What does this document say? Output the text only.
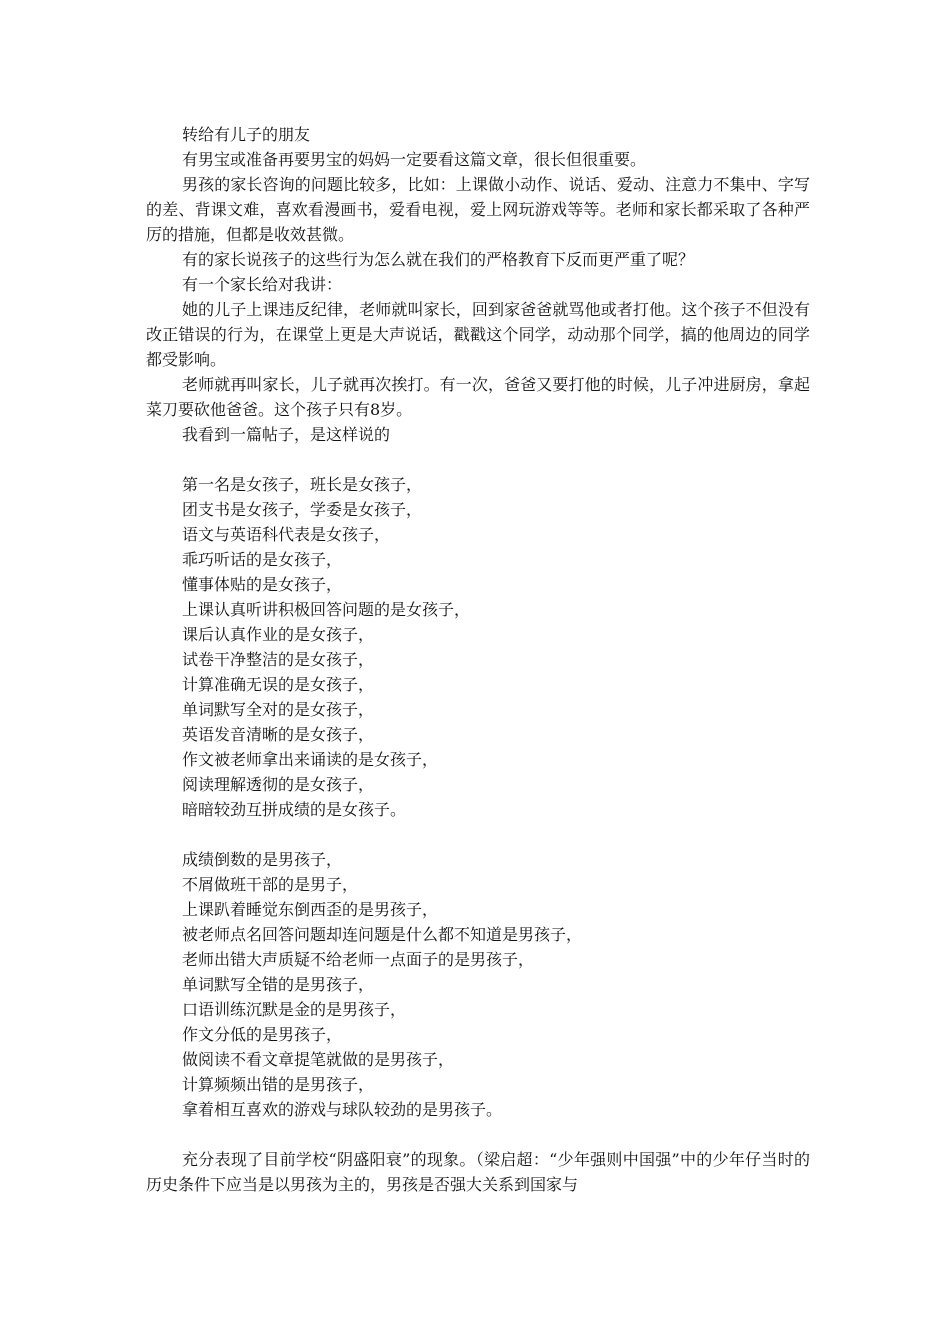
转给有儿子的朋友

有男宝或准备再要男宝的妈妈一定要看这篇文章，很长但很重要。

男孩的家长咨询的问题比较多，比如：上课做小动作、说话、爱动、注意力不集中、字写的差、背课文难，喜欢看漫画书，爱看电视，爱上网玩游戏等等。老师和家长都采取了各种严厉的措施，但都是收效甚微。

有的家长说孩子的这些行为怎么就在我们的严格教育下反而更严重了呢？

有一个家长给对我讲：

她的儿子上课违反纪律，老师就叫家长，回到家爸爸就骂他或者打他。这个孩子不但没有改正错误的行为，在课堂上更是大声说话，戳戳这个同学，动动那个同学，搞的他周边的同学都受影响。

老师就再叫家长，儿子就再次挨打。有一次，爸爸又要打他的时候，儿子冲进厨房，拿起菜刀要砍他爸爸。这个孩子只有8岁。

我看到一篇帖子，是这样说的

第一名是女孩子，班长是女孩子，

团支书是女孩子，学委是女孩子，

语文与英语科代表是女孩子，

乖巧听话的是女孩子，

懂事体贴的是女孩子，

上课认真听讲积极回答问题的是女孩子，

课后认真作业的是女孩子，

试卷干净整洁的是女孩子，

计算准确无误的是女孩子，

单词默写全对的是女孩子，

英语发音清晰的是女孩子，

作文被老师拿出来诵读的是女孩子，

阅读理解透彻的是女孩子，

暗暗较劲互拼成绩的是女孩子。

成绩倒数的是男孩子，

不屑做班干部的是男子，

上课趴着睡觉东倒西歪的是男孩子，

被老师点名回答问题却连问题是什么都不知道是男孩子，

老师出错大声质疑不给老师一点面子的是男孩子，

单词默写全错的是男孩子，

口语训练沉默是金的是男孩子，

作文分低的是男孩子，

做阅读不看文章提笔就做的是男孩子，

计算频频出错的是男孩子，

拿着相互喜欢的游戏与球队较劲的是男孩子。

充分表现了目前学校“阴盛阳衰”的现象。（梁启超：“少年强则中国强”中的少年仔当时的历史条件下应当是以男孩为主的，男孩是否强大关系到国家与
